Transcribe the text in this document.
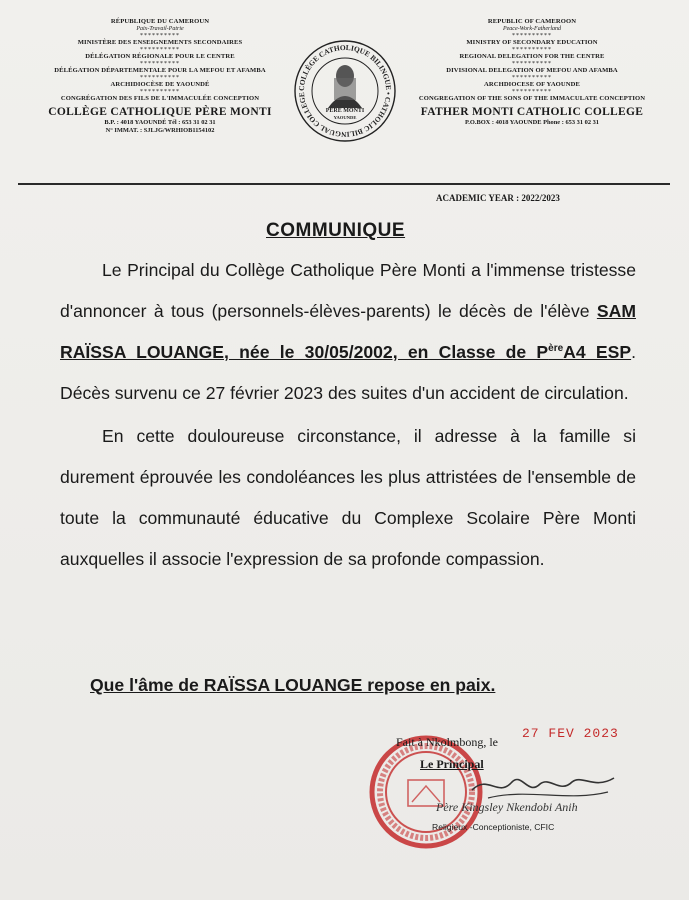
RÉPUBLIQUE DU CAMEROUN
Paix-Travail-Patrie
**********
MINISTÈRE DES ENSEIGNEMENTS SECONDAIRES
**********
DÉLÉGATION RÉGIONALE POUR LE CENTRE
**********
DÉLÉGATION DÉPARTEMENTALE POUR LA MEFOU ET AFAMBA
**********
ARCHIDIOCÈSE DE YAOUNDÉ
**********
CONGRÉGATION DES FILS DE L'IMMACULÉE CONCEPTION
COLLÈGE CATHOLIQUE PÈRE MONTI
B.P. : 4018 YAOUNDÉ Tél : 653 31 02 31
N° IMMAT. : SJLJG/WRHIOB1154102
COLLÈGE CATHOLIQUE BILINGUE • CATHOLIC BILINGUAL COLLEGE
PÈRE MONTI
YAOUNDE
REPUBLIC OF CAMEROON
Peace-Work-Fatherland
**********
MINISTRY OF SECONDARY EDUCATION
**********
REGIONAL DELEGATION FOR THE CENTRE
**********
DIVISIONAL DELEGATION OF MEFOU AND AFAMBA
**********
ARCHDIOCESE OF YAOUNDE
**********
CONGREGATION OF THE SONS OF THE IMMACULATE CONCEPTION
FATHER MONTI CATHOLIC COLLEGE
P.O.BOX : 4018 YAOUNDE Phone : 653 31 02 31
ACADEMIC YEAR : 2022/2023
COMMUNIQUE

Le Principal du Collège Catholique Père Monti a l'immense tristesse d'annoncer à tous (personnels-élèves-parents) le décès de l'élève SAM RAÏSSA LOUANGE, née le 30/05/2002, en Classe de $P^{ère}A4$ ESP. Décès survenu ce 27 février 2023 des suites d'un accident de circulation.

En cette douloureuse circonstance, il adresse à la famille si durement éprouvée les condoléances les plus attristées de l'ensemble de toute la communauté éducative du Complexe Scolaire Père Monti auxquelles il associe l'expression de sa profonde compassion.

Que l'âme de RAÏSSA LOUANGE repose en paix.
Fait à Nkolmbong, le
27 FEV 2023
Le Principal
Père Kingsley Nkendobi Anih
Religieux -Conceptioniste, CFIC
